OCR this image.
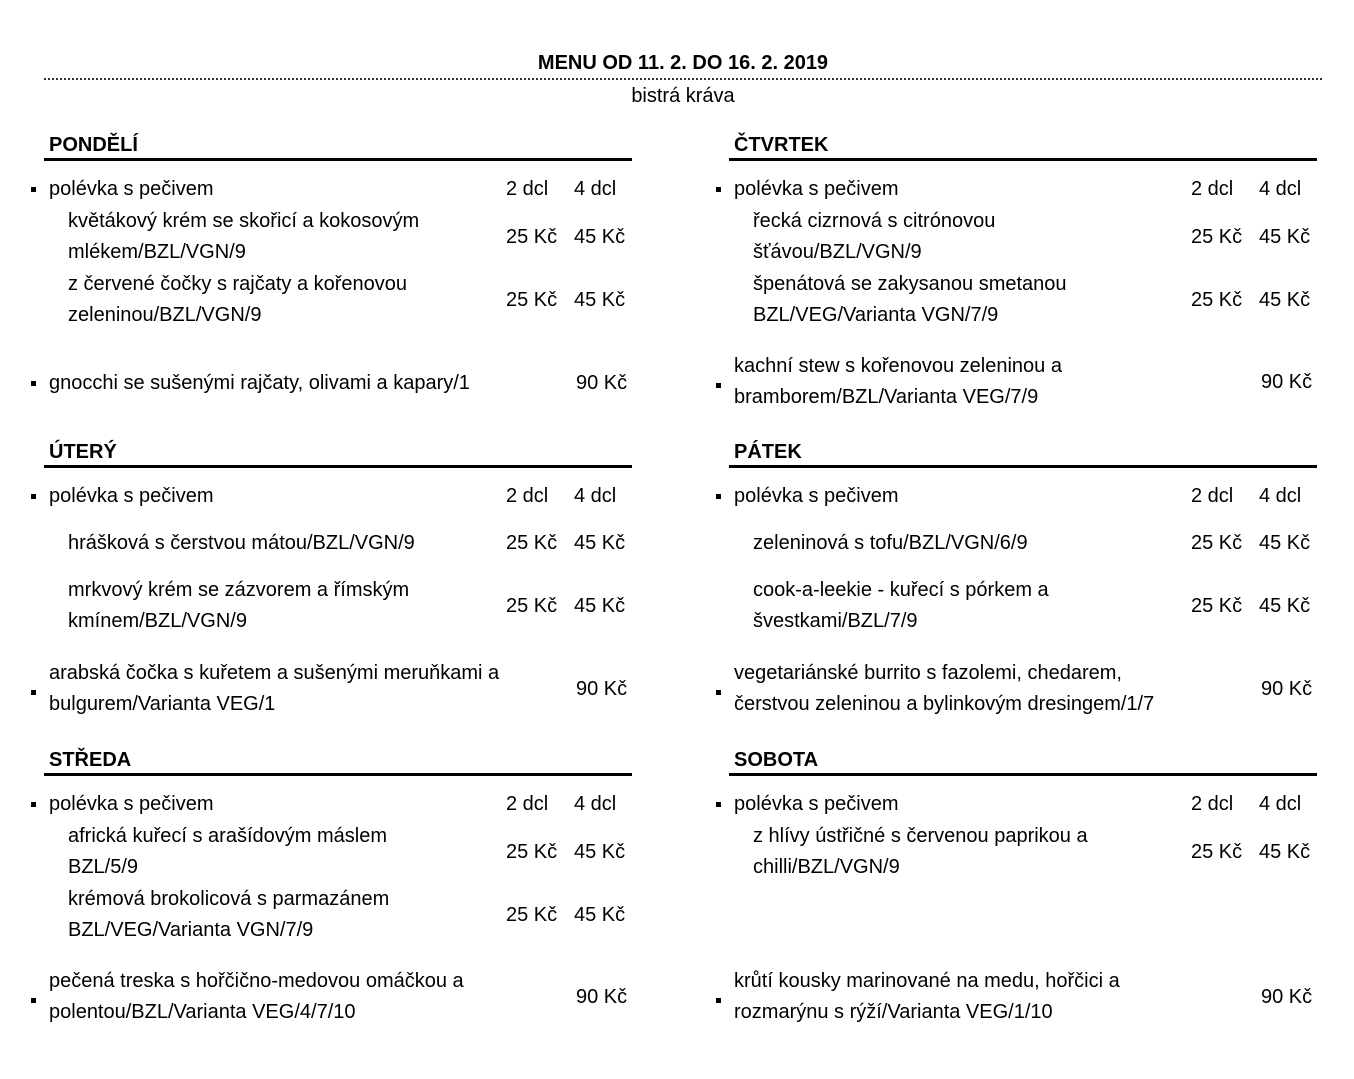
MENU OD 11. 2. DO 16. 2. 2019
bistrá kráva
PONDĚLÍ
polévka s pečivem	2 dcl	4 dcl
květákový krém se skořicí a kokosovým
mlékem/BZL/VGN/9
25 Kč 45 Kč
z červené čočky s rajčaty a kořenovou
zeleninou/BZL/VGN/9
25 Kč 45 Kč
gnocchi se sušenými rajčaty, olivami a kapary/1	90 Kč
ÚTERÝ
polévka s pečivem	2 dcl	4 dcl
hrášková s čerstvou mátou/BZL/VGN/9	25 Kč 45 Kč
mrkvový krém se zázvorem a římským
kmínem/BZL/VGN/9
25 Kč 45 Kč
arabská čočka s kuřetem a sušenými meruňkami a
bulgurem/Varianta VEG/1
90 Kč
STŘEDA
polévka s pečivem	2 dcl	4 dcl
africká kuřecí s arašídovým máslem
BZL/5/9
25 Kč 45 Kč
krémová brokolicová s parmazánem
BZL/VEG/Varianta VGN/7/9
25 Kč 45 Kč
pečená treska s hořčično-medovou omáčkou a
polentou/BZL/Varianta VEG/4/7/10
90 Kč
ČTVRTEK
polévka s pečivem	2 dcl	4 dcl
řecká cizrnová s citrónovou
šťávou/BZL/VGN/9
25 Kč 45 Kč
špenátová se zakysanou smetanou
BZL/VEG/Varianta VGN/7/9
25 Kč 45 Kč
kachní stew s kořenovou zeleninou a
bramborem/BZL/Varianta VEG/7/9
90 Kč
PÁTEK
polévka s pečivem	2 dcl	4 dcl
zeleninová s tofu/BZL/VGN/6/9	25 Kč 45 Kč
cook-a-leekie - kuřecí s pórkem a
švestkami/BZL/7/9
25 Kč 45 Kč
vegetariánské burrito s fazolemi, chedarem,
čerstvou zeleninou a bylinkovým dresingem/1/7
90 Kč
SOBOTA
polévka s pečivem	2 dcl	4 dcl
z hlívy ústřičné s červenou paprikou a
chilli/BZL/VGN/9
25 Kč 45 Kč
krůtí kousky marinované na medu, hořčici a
rozmarýnu s rýží/Varianta VEG/1/10
90 Kč
